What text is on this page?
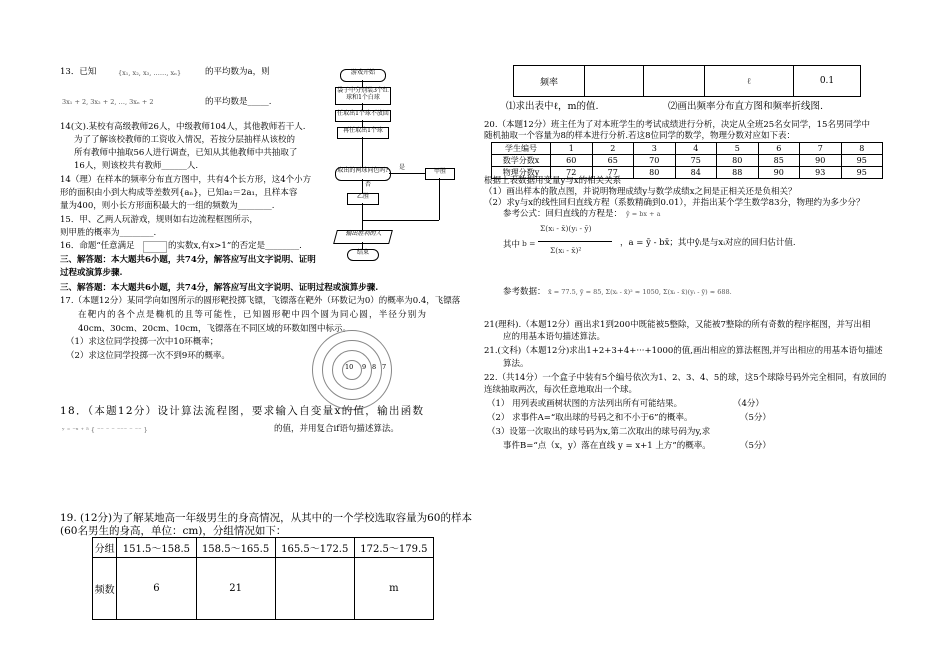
13．已知	{x₁, x₂, x₃, ……, xₙ}	的平均数为a，则
3x₁ + 2, 3x₂ + 2, …, 3xₙ + 2	的平均数是_____.
14(文).某校有高级教师26人，中级教师104人，其他教师若干人.
为了了解该校教师的工资收入情况，若按分层抽样从该校的
所有教师中抽取56人进行调查，已知从其他教师中共抽取了
16人，则该校共有教师______人.
14（理）在样本的频率分布直方图中，共有4个长方形，这4个小方
形的面积由小到大构成等差数列{aₙ}，已知a₂＝2a₁，且样本容
量为400，则小长方形面积最大的一组的频数为________.
15．甲、乙两人玩游戏，规则如右边流程框图所示，
则甲胜的概率为________.
16．命题“任意满足	的实数x,有x>1”的否定是________.
三、解答题：本大题共6小题，共74分，解答应写出文字说明、证明
过程或演算步骤.
三、解答题：本大题共6小题，共74分，解答应写出文字说明、证明过程或演算步骤.
17.（本题12分）某同学向如图所示的圆形靶投掷飞镖，飞镖落在靶外（环数记为0）的概率为0.4，飞镖落
在靶内的各个点是椭机的且等可能性，已知圆形靶中四个圆为同心圆，半径分别为
40cm、30cm、20cm、10cm，飞镖落在不同区域的环数如图中标示。
（1）求这位同学投掷一次中10环概率；
（2）求这位同学投掷一次不到9环的概率。
10 9 8 7
18．（本题12分）设计算法流程图，要求输入自变量x的值，输出函数
ʸ ⁼ ⁻ˣ ⁺ ⁵ { ⁻⁻ ⁻ ⁻ ⁻⁻⁻ ⁻ ⁻⁻ }	的值，并用复合if语句描述算法。
19. (12分)为了解某地高一年级男生的身高情况，从其中的一个学校选取容量为60的样本
(60名男生的身高，单位：cm)，分组情况如下：
分组	151.5～158.5	158.5～165.5	165.5～172.5	172.5～179.5
频数	6	21		m
游戏开始
袋子中分别装3个红球和1个白球
任取出1个球不放回
再任取出1个球
取出的两球同色吗?	是
甲胜
否
乙胜
输出胜利的人
结束
频率			ℓ	0.1
⑴求出表中ℓ，m的值.	⑵画出频率分布直方图和频率折线图.
20.（本题12分）班主任为了对本班学生的考试成绩进行分析，决定从全班25名女同学，15名男同学中
随机抽取一个容量为8的样本进行分析.若这8位同学的数学，物理分数对应如下表：
学生编号	1	2	3	4	5	6	7	8
数学分数x	60	65	70	75	80	85	90	95
物理分数y	72	77	80	84	88	90	93	95
根据上表数据用变量y与x的相关关系
（1）画出样本的散点图，并说明物理成绩y与数学成绩x之间是正相关还是负相关？
（2）求y与x的线性回归直线方程（系数精确到0.01），并指出某个学生数学83分，物理约为多少分？
参考公式：回归直线的方程是： ŷ = bx + a
其中 b =
Σ(xᵢ - x̄)(yᵢ - ȳ)
Σ(xᵢ - x̄)²
，a = ȳ - bx̄；其中ŷᵢ是与xᵢ对应的回归估计值.
参考数据： x̄ = 77.5, ȳ = 85, Σ(xᵢ - x̄)² ≈ 1050, Σ(xᵢ - x̄)(yᵢ - ȳ) ≈ 688.
21(理科).（本题12分）画出求1到200中既能被5整除，又能被7整除的所有奇数的程序框图，并写出相
应的用基本语句描述算法。
21.(文科)（本题12分)求出1+2+3+4+···+1000的值,画出相应的算法框图,并写出相应的用基本语句描述
算法。
22.（共14分）一个盒子中装有5个编号依次为1、2、3、4、5的球，这5个球除号码外完全相同，有放回的
连续抽取两次，每次任意地取出一个球。
（1） 用列表或画树状图的方法列出所有可能结果。	（4分）
（2） 求事件A=“取出球的号码之和不小于6”的概率。	（5分）
（3）设第一次取出的球号码为x,第二次取出的球号码为y,求
事件B=“点（x，y）落在直线 y = x+1 上方”的概率。	（5分）
